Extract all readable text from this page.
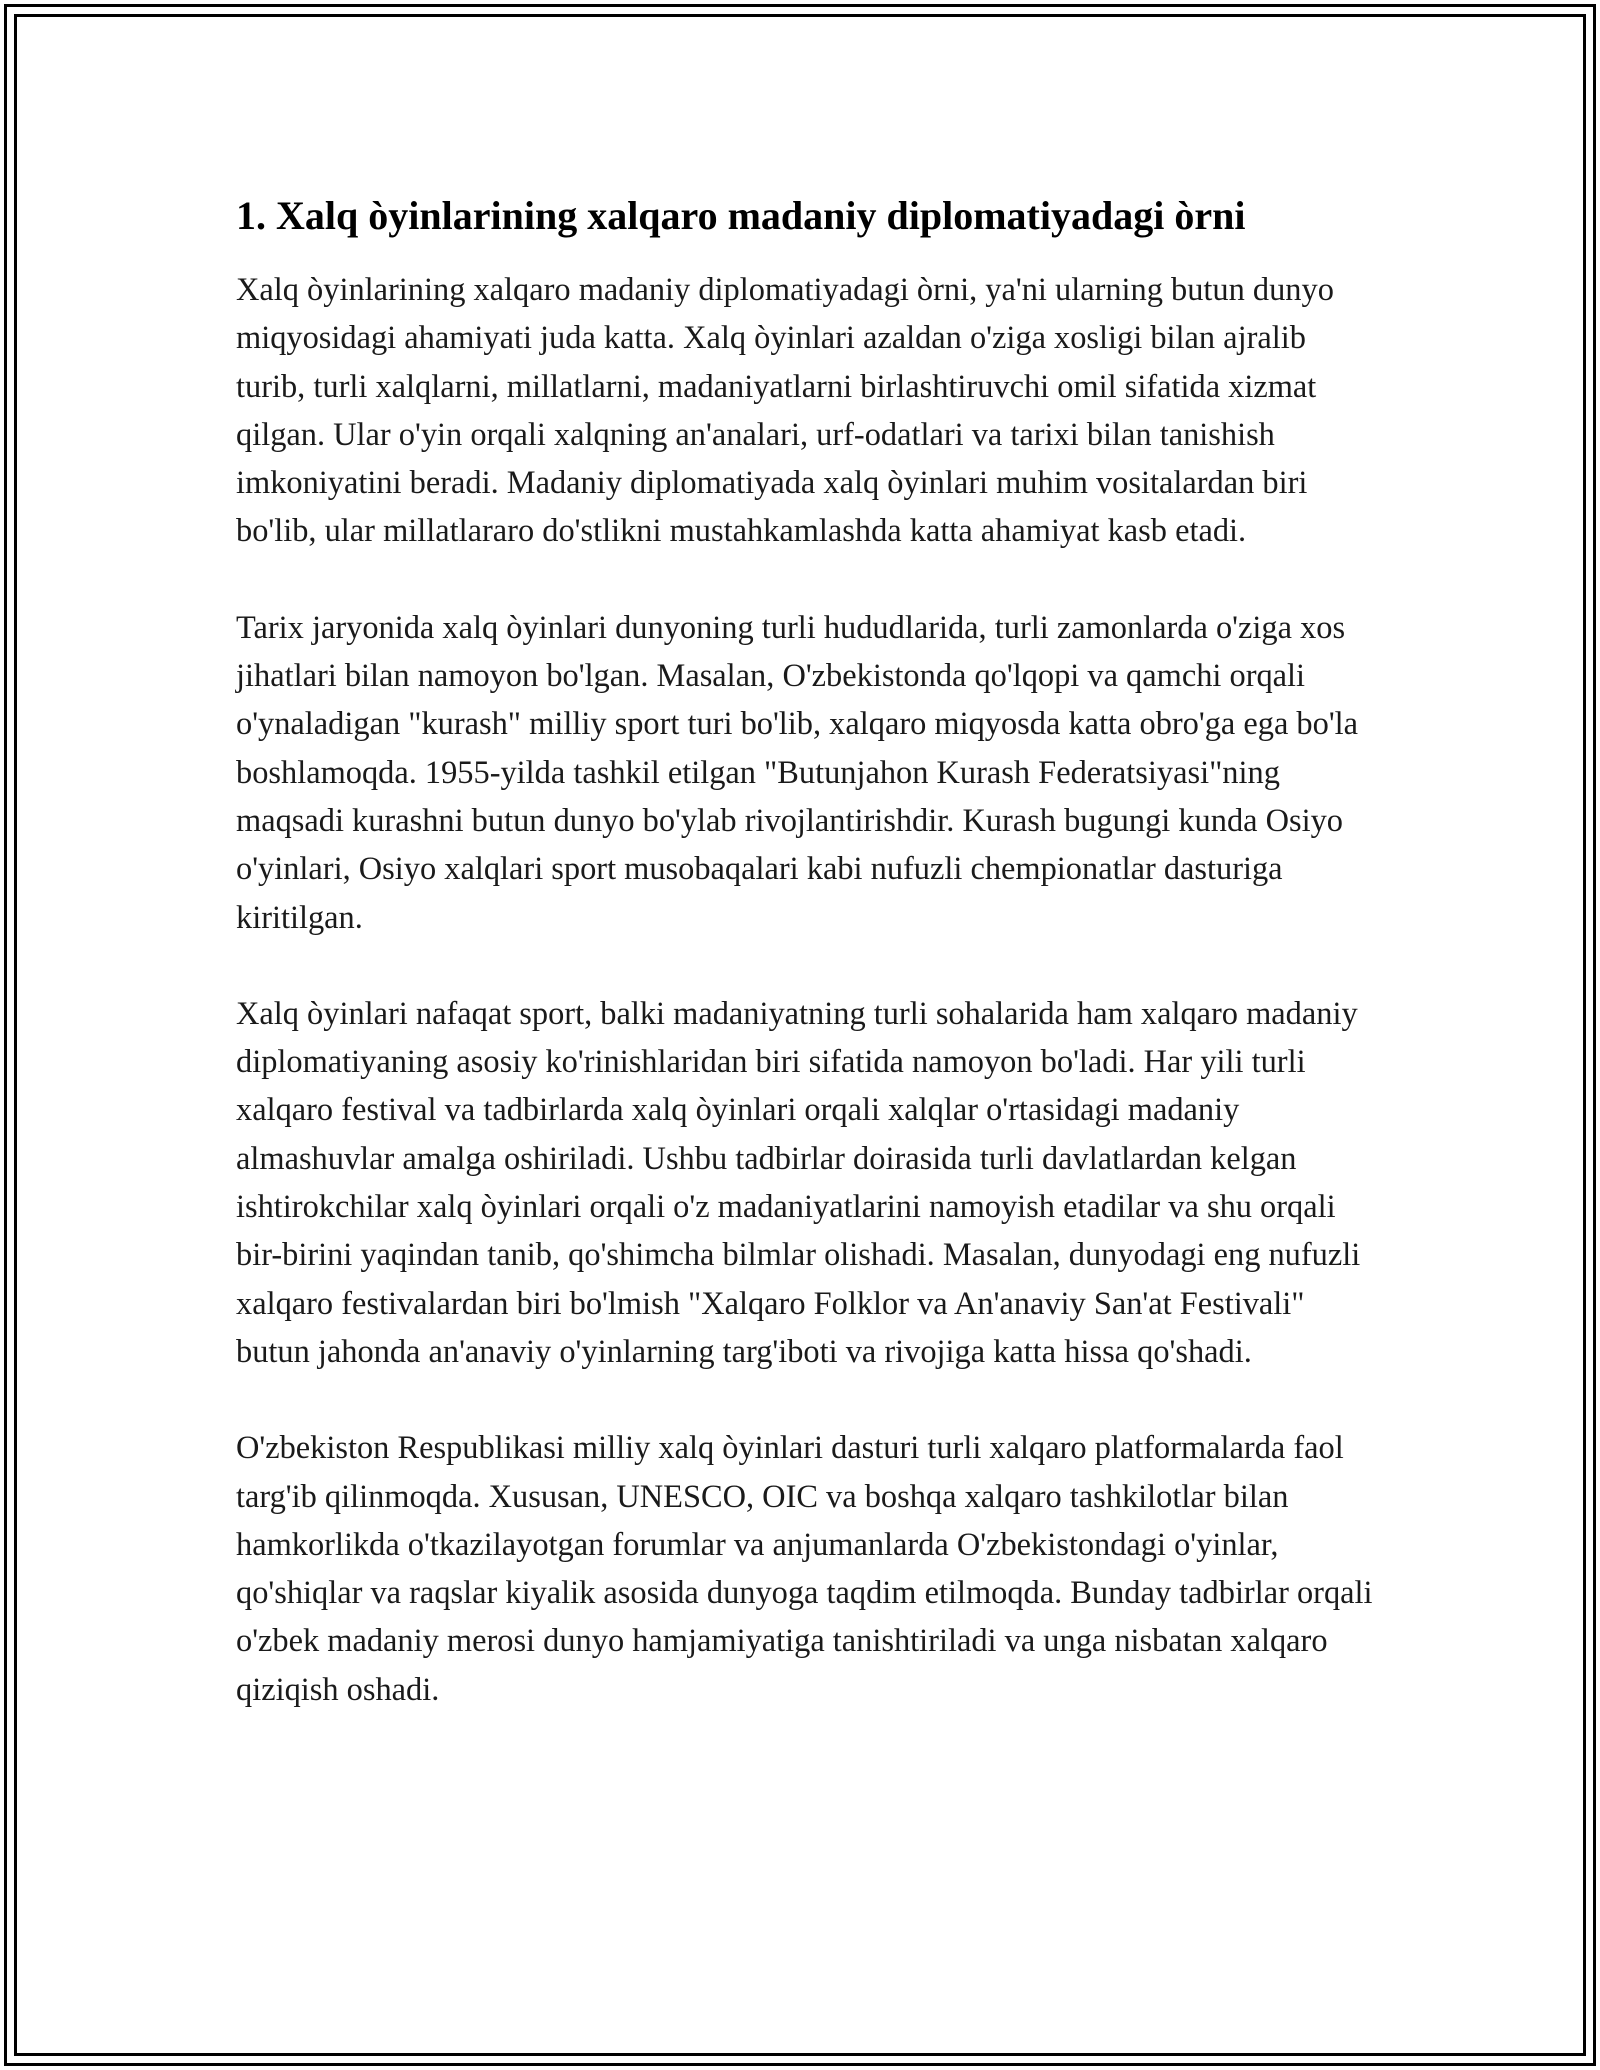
1. Xalq òyinlarining xalqaro madaniy diplomatiyadagi òrni

Xalq òyinlarining xalqaro madaniy diplomatiyadagi òrni, ya'ni ularning butun dunyo miqyosidagi ahamiyati juda katta. Xalq òyinlari azaldan o'ziga xosligi bilan ajralib turib, turli xalqlarni, millatlarni, madaniyatlarni birlashtiruvchi omil sifatida xizmat qilgan. Ular o'yin orqali xalqning an'analari, urf-odatlari va tarixi bilan tanishish imkoniyatini beradi. Madaniy diplomatiyada xalq òyinlari muhim vositalardan biri bo'lib, ular millatlararo do'stlikni mustahkamlashda katta ahamiyat kasb etadi.

Tarix jaryonida xalq òyinlari dunyoning turli hududlarida, turli zamonlarda o'ziga xos jihatlari bilan namoyon bo'lgan. Masalan, O'zbekistonda qo'lqopi va qamchi orqali o'ynaladigan "kurash" milliy sport turi bo'lib, xalqaro miqyosda katta obro'ga ega bo'la boshlamoqda. 1955-yilda tashkil etilgan "Butunjahon Kurash Federatsiyasi"ning maqsadi kurashni butun dunyo bo'ylab rivojlantirishdir. Kurash bugungi kunda Osiyo o'yinlari, Osiyo xalqlari sport musobaqalari kabi nufuzli chempionatlar dasturiga kiritilgan.

Xalq òyinlari nafaqat sport, balki madaniyatning turli sohalarida ham xalqaro madaniy diplomatiyaning asosiy ko'rinishlaridan biri sifatida namoyon bo'ladi. Har yili turli xalqaro festival va tadbirlarda xalq òyinlari orqali xalqlar o'rtasidagi madaniy almashuvlar amalga oshiriladi. Ushbu tadbirlar doirasida turli davlatlardan kelgan ishtirokchilar xalq òyinlari orqali o'z madaniyatlarini namoyish etadilar va shu orqali bir-birini yaqindan tanib, qo'shimcha bilmlar olishadi. Masalan, dunyodagi eng nufuzli xalqaro festivalardan biri bo'lmish "Xalqaro Folklor va An'anaviy San'at Festivali" butun jahonda an'anaviy o'yinlarning targ'iboti va rivojiga katta hissa qo'shadi.

O'zbekiston Respublikasi milliy xalq òyinlari dasturi turli xalqaro platformalarda faol targ'ib qilinmoqda. Xususan, UNESCO, OIC va boshqa xalqaro tashkilotlar bilan hamkorlikda o'tkazilayotgan forumlar va anjumanlarda O'zbekistondagi o'yinlar, qo'shiqlar va raqslar kiyalik asosida dunyoga taqdim etilmoqda. Bunday tadbirlar orqali o'zbek madaniy merosi dunyo hamjamiyatiga tanishtiriladi va unga nisbatan xalqaro qiziqish oshadi.
